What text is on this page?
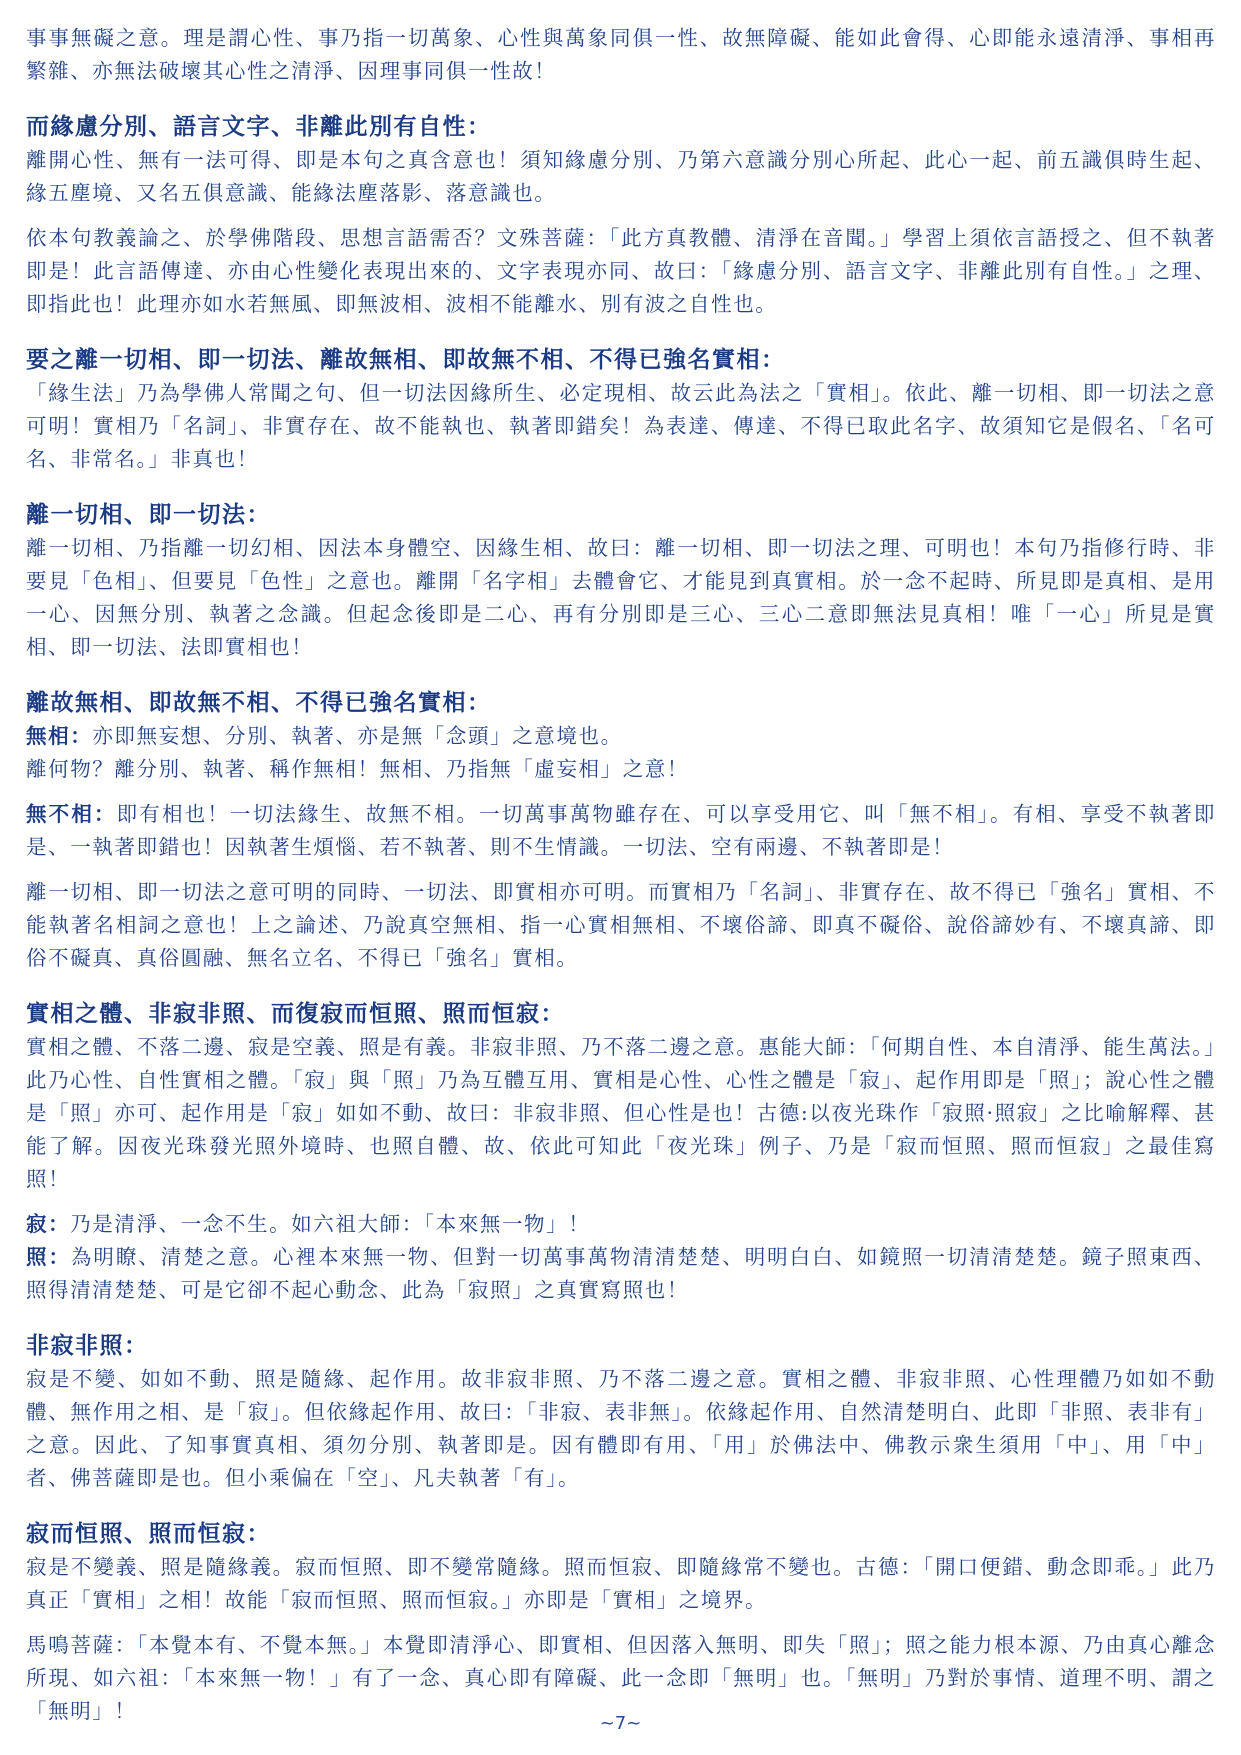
事事無礙之意。理是謂心性、事乃指一切萬象、心性與萬象同俱一性、故無障礙、能如此會得、心即能永遠清淨、事相再繁雜、亦無法破壞其心性之清淨、因理事同俱一性故！

而緣慮分別、語言文字、非離此別有自性：

離開心性、無有一法可得、即是本句之真含意也！須知緣慮分別、乃第六意識分別心所起、此心一起、前五識俱時生起、緣五塵境、又名五俱意識、能緣法塵落影、落意識也。

依本句教義論之、於學佛階段、思想言語需否？文殊菩薩：「此方真教體、清淨在音聞。」學習上須依言語授之、但不執著即是！此言語傳達、亦由心性變化表現出來的、文字表現亦同、故曰：「緣慮分別、語言文字、非離此別有自性。」之理、即指此也！此理亦如水若無風、即無波相、波相不能離水、別有波之自性也。

要之離一切相、即一切法、離故無相、即故無不相、不得已強名實相：

「緣生法」乃為學佛人常聞之句、但一切法因緣所生、必定現相、故云此為法之「實相」。依此、離一切相、即一切法之意可明！實相乃「名詞」、非實存在、故不能執也、執著即錯矣！為表達、傳達、不得已取此名字、故須知它是假名、「名可名、非常名。」非真也！

離一切相、即一切法：

離一切相、乃指離一切幻相、因法本身體空、因緣生相、故曰：離一切相、即一切法之理、可明也！本句乃指修行時、非要見「色相」、但要見「色性」之意也。離開「名字相」去體會它、才能見到真實相。於一念不起時、所見即是真相、是用一心、因無分別、執著之念識。但起念後即是二心、再有分別即是三心、三心二意即無法見真相！唯「一心」所見是實相、即一切法、法即實相也！

離故無相、即故無不相、不得已強名實相：

無相：亦即無妄想、分別、執著、亦是無「念頭」之意境也。

離何物？離分別、執著、稱作無相！無相、乃指無「虛妄相」之意！

無不相：即有相也！一切法緣生、故無不相。一切萬事萬物雖存在、可以享受用它、叫「無不相」。有相、享受不執著即是、一執著即錯也！因執著生煩惱、若不執著、則不生情識。一切法、空有兩邊、不執著即是！

離一切相、即一切法之意可明的同時、一切法、即實相亦可明。而實相乃「名詞」、非實存在、故不得已「強名」實相、不能執著名相詞之意也！上之論述、乃說真空無相、指一心實相無相、不壞俗諦、即真不礙俗、說俗諦妙有、不壞真諦、即俗不礙真、真俗圓融、無名立名、不得已「強名」實相。

實相之體、非寂非照、而復寂而恒照、照而恒寂：

實相之體、不落二邊、寂是空義、照是有義。非寂非照、乃不落二邊之意。惠能大師：「何期自性、本自清淨、能生萬法。」此乃心性、自性實相之體。「寂」與「照」乃為互體互用、實相是心性、心性之體是「寂」、起作用即是「照」；說心性之體是「照」亦可、起作用是「寂」如如不動、故曰：非寂非照、但心性是也！古德:以夜光珠作「寂照·照寂」之比喻解釋、甚能了解。因夜光珠發光照外境時、也照自體、故、依此可知此「夜光珠」例子、乃是「寂而恒照、照而恒寂」之最佳寫照！

寂：乃是清淨、一念不生。如六祖大師：「本來無一物」！

照：為明瞭、清楚之意。心裡本來無一物、但對一切萬事萬物清清楚楚、明明白白、如鏡照一切清清楚楚。鏡子照東西、照得清清楚楚、可是它卻不起心動念、此為「寂照」之真實寫照也！

非寂非照：

寂是不變、如如不動、照是隨緣、起作用。故非寂非照、乃不落二邊之意。實相之體、非寂非照、心性理體乃如如不動體、無作用之相、是「寂」。但依緣起作用、故曰：「非寂、表非無」。依緣起作用、自然清楚明白、此即「非照、表非有」之意。因此、了知事實真相、須勿分別、執著即是。因有體即有用、「用」於佛法中、佛教示衆生須用「中」、用「中」者、佛菩薩即是也。但小乘偏在「空」、凡夫執著「有」。

寂而恒照、照而恒寂：

寂是不變義、照是隨緣義。寂而恒照、即不變常隨緣。照而恒寂、即隨緣常不變也。古德：「開口便錯、動念即乖。」此乃真正「實相」之相！故能「寂而恒照、照而恒寂。」亦即是「實相」之境界。

馬鳴菩薩：「本覺本有、不覺本無。」本覺即清淨心、即實相、但因落入無明、即失「照」；照之能力根本源、乃由真心離念所現、如六祖：「本來無一物！」有了一念、真心即有障礙、此一念即「無明」也。「無明」乃對於事情、道理不明、謂之「無明」！

~7~
